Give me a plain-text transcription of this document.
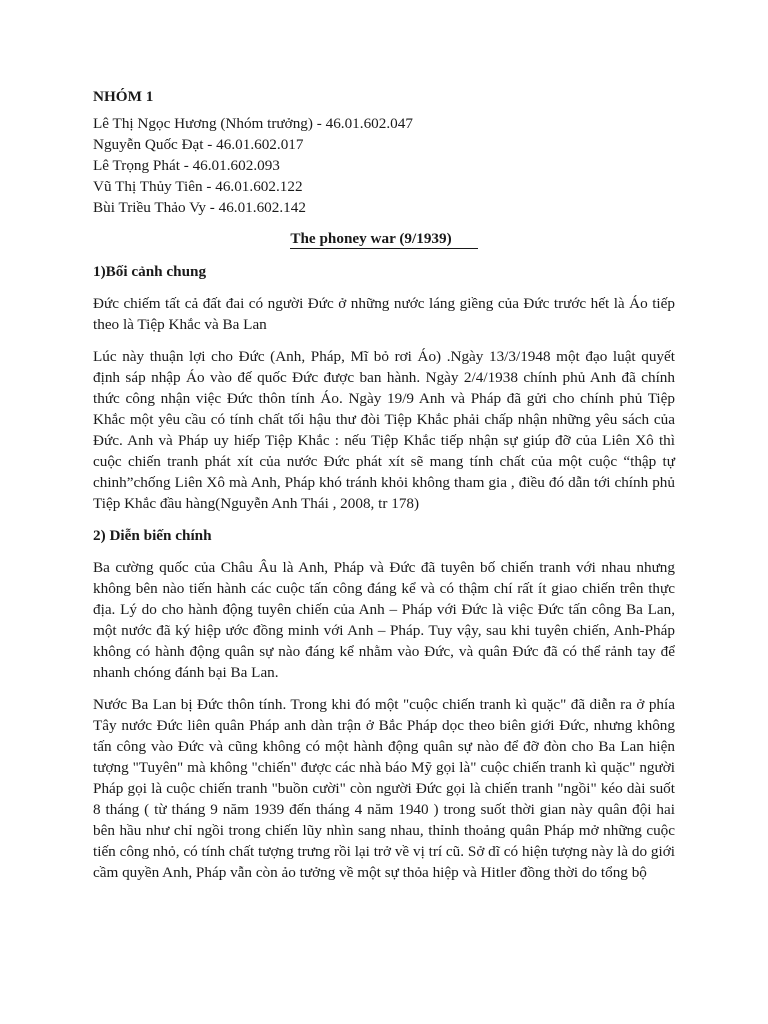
NHÓM 1
Lê Thị Ngọc Hương (Nhóm trưởng) - 46.01.602.047
Nguyễn Quốc Đạt - 46.01.602.017
Lê Trọng Phát - 46.01.602.093
Vũ Thị Thủy Tiên - 46.01.602.122
Bùi Triều Thảo Vy - 46.01.602.142
The phoney war (9/1939)
1)Bối cảnh chung

Đức chiếm tất cả đất đai có người Đức ở những nước láng giềng của Đức trước hết là Áo tiếp theo là Tiệp Khắc và Ba Lan

Lúc này thuận lợi cho Đức (Anh, Pháp, Mĩ bỏ rơi Áo) .Ngày 13/3/1948 một đạo luật quyết định sáp nhập Áo vào đế quốc Đức được ban hành. Ngày 2/4/1938 chính phủ Anh đã chính thức công nhận việc Đức thôn tính Áo. Ngày 19/9 Anh và Pháp đã gửi cho chính phủ Tiệp Khắc một yêu cầu có tính chất tối hậu thư đòi Tiệp Khắc phải chấp nhận những yêu sách của Đức. Anh và Pháp uy hiếp Tiệp Khắc : nếu Tiệp Khắc tiếp nhận sự giúp đỡ của Liên Xô thì cuộc chiến tranh phát xít của nước Đức phát xít sẽ mang tính chất của một cuộc “thập tự chinh”chống Liên Xô mà Anh, Pháp khó tránh khỏi không tham gia , điều đó dẫn tới chính phủ Tiệp Khắc đầu hàng(Nguyễn Anh Thái , 2008, tr 178)

2) Diễn biến chính

Ba cường quốc của Châu Âu là Anh, Pháp và Đức đã tuyên bố chiến tranh với nhau nhưng không bên nào tiến hành các cuộc tấn công đáng kể và có thậm chí rất ít giao chiến trên thực địa. Lý do cho hành động tuyên chiến của Anh – Pháp với Đức là việc Đức tấn công Ba Lan, một nước đã ký hiệp ước đồng minh với Anh – Pháp. Tuy vậy, sau khi tuyên chiến, Anh-Pháp không có hành động quân sự nào đáng kể nhằm vào Đức, và quân Đức đã có thể rảnh tay để nhanh chóng đánh bại Ba Lan.

Nước Ba Lan bị Đức thôn tính. Trong khi đó một "cuộc chiến tranh kì quặc" đã diễn ra ở phía Tây nước Đức liên quân Pháp anh dàn trận ở Bắc Pháp dọc theo biên giới Đức, nhưng không tấn công vào Đức và cũng không có một hành động quân sự nào để đỡ đòn cho Ba Lan hiện tượng "Tuyên" mà không "chiến" được các nhà báo Mỹ gọi là" cuộc chiến tranh kì quặc" người Pháp gọi là cuộc chiến tranh "buồn cười" còn người Đức gọi là chiến tranh "ngồi" kéo dài suốt 8 tháng ( từ tháng 9 năm 1939 đến tháng 4 năm 1940 ) trong suốt thời gian này quân đội hai bên hầu như chỉ ngồi trong chiến lũy nhìn sang nhau, thỉnh thoảng quân Pháp mở những cuộc tiến công nhỏ, có tính chất tượng trưng rồi lại trở về vị trí cũ. Sở dĩ có hiện tượng này là do giới cầm quyền Anh, Pháp vẫn còn ảo tưởng về một sự thỏa hiệp và Hitler đồng thời do tổng bộ
